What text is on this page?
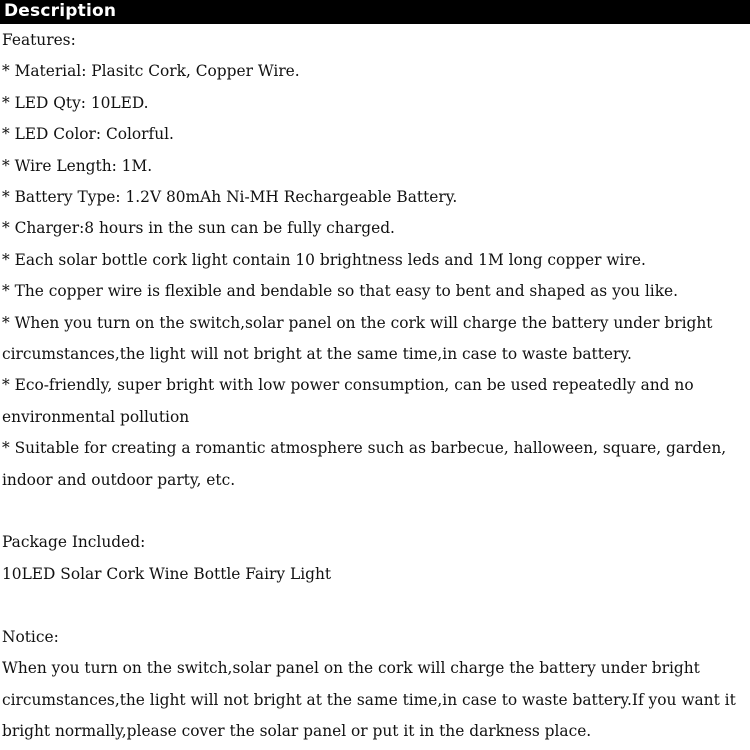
Description
Features:
* Material: Plasitc Cork, Copper Wire.
* LED Qty: 10LED.
* LED Color: Colorful.
* Wire Length: 1M.
* Battery Type: 1.2V 80mAh Ni-MH Rechargeable Battery.
* Charger:8 hours in the sun can be fully charged.
* Each solar bottle cork light contain 10 brightness leds and 1M long copper wire.
* The copper wire is flexible and bendable so that easy to bent and shaped as you like.
* When you turn on the switch,solar panel on the cork will charge the battery under bright circumstances,the light will not bright at the same time,in case to waste battery.
* Eco-friendly, super bright with low power consumption, can be used repeatedly and no environmental pollution
* Suitable for creating a romantic atmosphere such as barbecue, halloween, square, garden, indoor and outdoor party, etc.
Package Included:
10LED Solar Cork Wine Bottle Fairy Light
Notice:
When you turn on the switch,solar panel on the cork will charge the battery under bright circumstances,the light will not bright at the same time,in case to waste battery.If you want it bright normally,please cover the solar panel or put it in the darkness place.
